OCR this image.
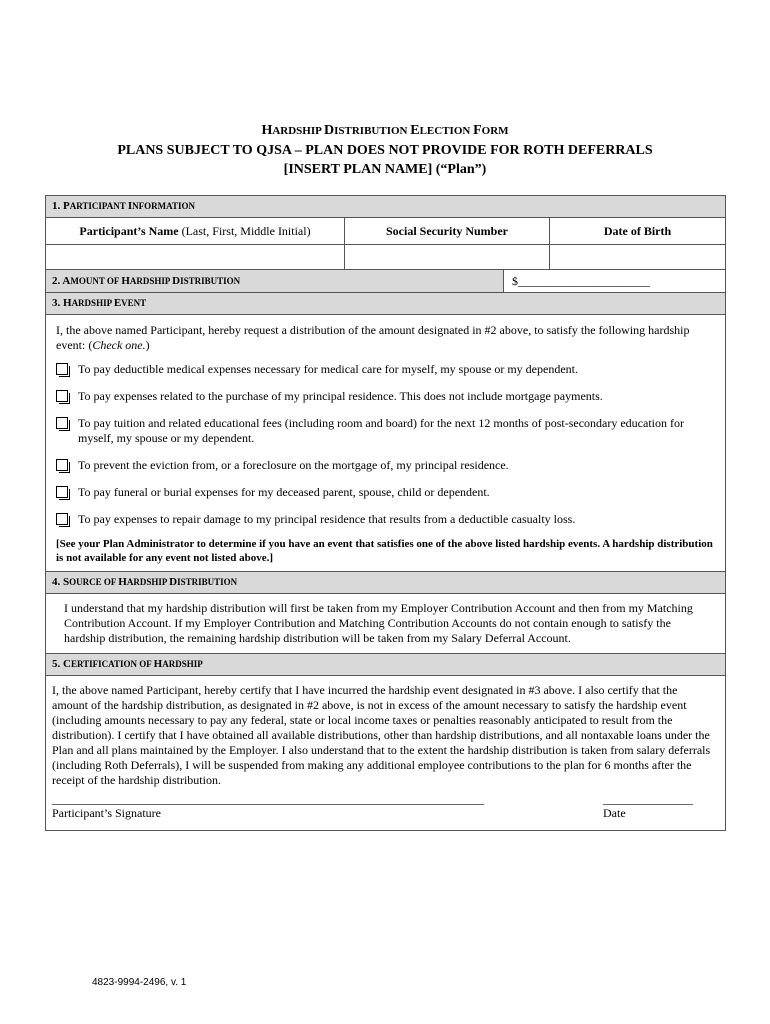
HARDSHIP DISTRIBUTION ELECTION FORM
PLANS SUBJECT TO QJSA – PLAN DOES NOT PROVIDE FOR ROTH DEFERRALS
[INSERT PLAN NAME] (“Plan”)
1. PARTICIPANT INFORMATION
Participant’s Name (Last, First, Middle Initial)	Social Security Number	Date of Birth
2. AMOUNT OF HARDSHIP DISTRIBUTION	$______________________
3. HARDSHIP EVENT
I, the above named Participant, hereby request a distribution of the amount designated in #2 above, to satisfy the following hardship event: (Check one.)
To pay deductible medical expenses necessary for medical care for myself, my spouse or my dependent.
To pay expenses related to the purchase of my principal residence. This does not include mortgage payments.
To pay tuition and related educational fees (including room and board) for the next 12 months of post-secondary education for myself, my spouse or my dependent.
To prevent the eviction from, or a foreclosure on the mortgage of, my principal residence.
To pay funeral or burial expenses for my deceased parent, spouse, child or dependent.
To pay expenses to repair damage to my principal residence that results from a deductible casualty loss.
[See your Plan Administrator to determine if you have an event that satisfies one of the above listed hardship events. A hardship distribution is not available for any event not listed above.]
4. SOURCE OF HARDSHIP DISTRIBUTION
I understand that my hardship distribution will first be taken from my Employer Contribution Account and then from my Matching Contribution Account. If my Employer Contribution and Matching Contribution Accounts do not contain enough to satisfy the hardship distribution, the remaining hardship distribution will be taken from my Salary Deferral Account.
5. CERTIFICATION OF HARDSHIP
I, the above named Participant, hereby certify that I have incurred the hardship event designated in #3 above. I also certify that the amount of the hardship distribution, as designated in #2 above, is not in excess of the amount necessary to satisfy the hardship event (including amounts necessary to pay any federal, state or local income taxes or penalties reasonably anticipated to result from the distribution). I certify that I have obtained all available distributions, other than hardship distributions, and all nontaxable loans under the Plan and all plans maintained by the Employer. I also understand that to the extent the hardship distribution is taken from salary deferrals (including Roth Deferrals), I will be suspended from making any additional employee contributions to the plan for 6 months after the receipt of the hardship distribution.
________________________________________________________________________
Participant’s Signature
_______________
Date
4823-9994-2496, v. 1
